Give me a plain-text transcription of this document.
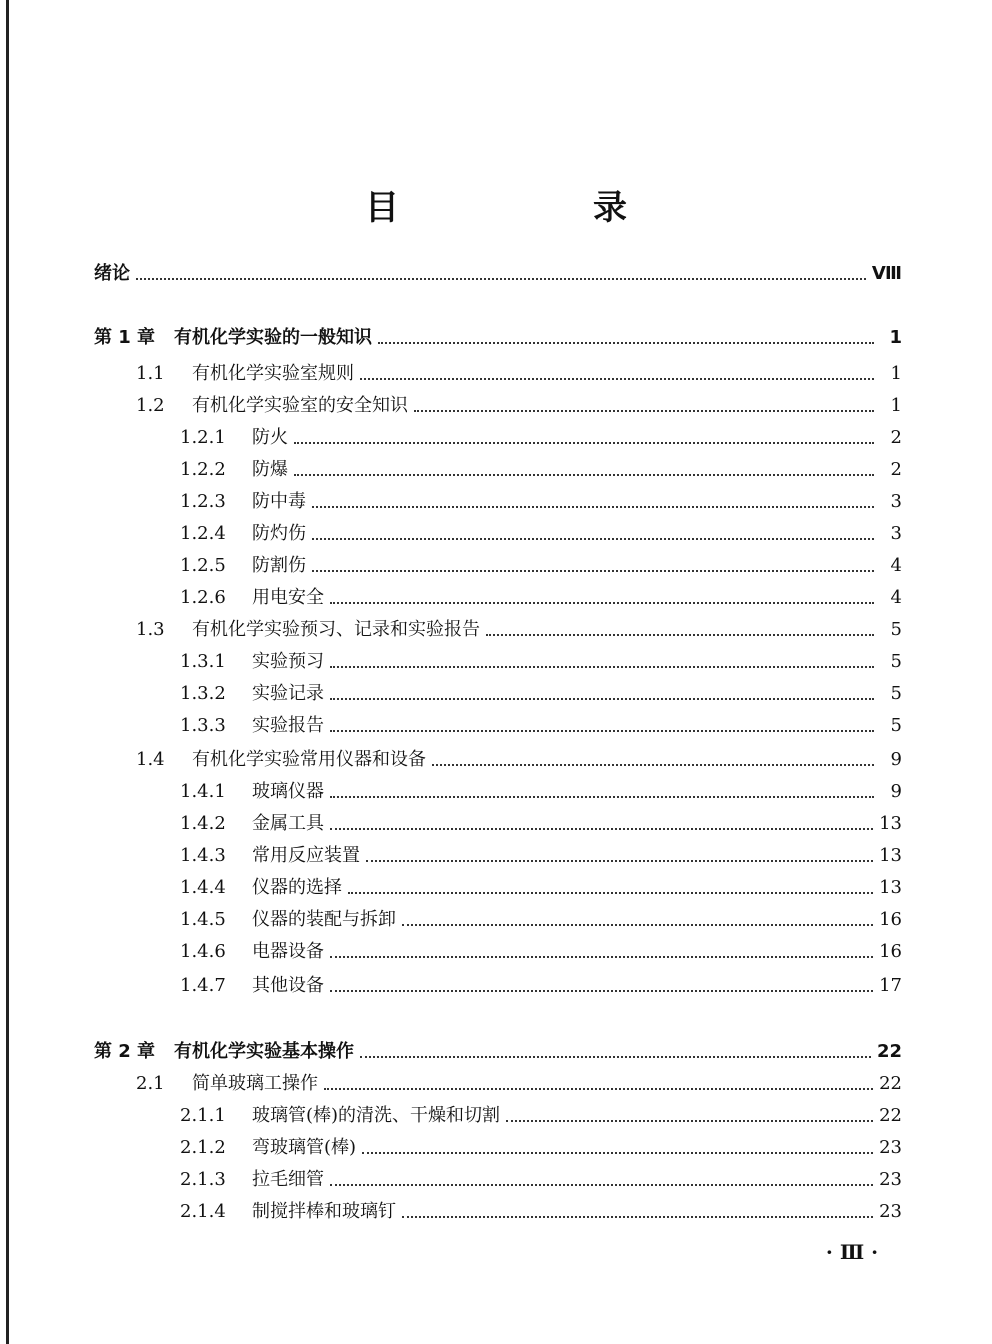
目　录
绪论	Ⅷ
第 1 章	有机化学实验的一般知识	1
1.1	有机化学实验室规则	1
1.2	有机化学实验室的安全知识	1
1.2.1	防火	2
1.2.2	防爆	2
1.2.3	防中毒	3
1.2.4	防灼伤	3
1.2.5	防割伤	4
1.2.6	用电安全	4
1.3	有机化学实验预习、记录和实验报告	5
1.3.1	实验预习	5
1.3.2	实验记录	5
1.3.3	实验报告	5
1.4	有机化学实验常用仪器和设备	9
1.4.1	玻璃仪器	9
1.4.2	金属工具	13
1.4.3	常用反应装置	13
1.4.4	仪器的选择	13
1.4.5	仪器的装配与拆卸	16
1.4.6	电器设备	16
1.4.7	其他设备	17
第 2 章	有机化学实验基本操作	22
2.1	简单玻璃工操作	22
2.1.1	玻璃管(棒)的清洗、干燥和切割	22
2.1.2	弯玻璃管(棒)	23
2.1.3	拉毛细管	23
2.1.4	制搅拌棒和玻璃钉	23
· Ⅲ ·
